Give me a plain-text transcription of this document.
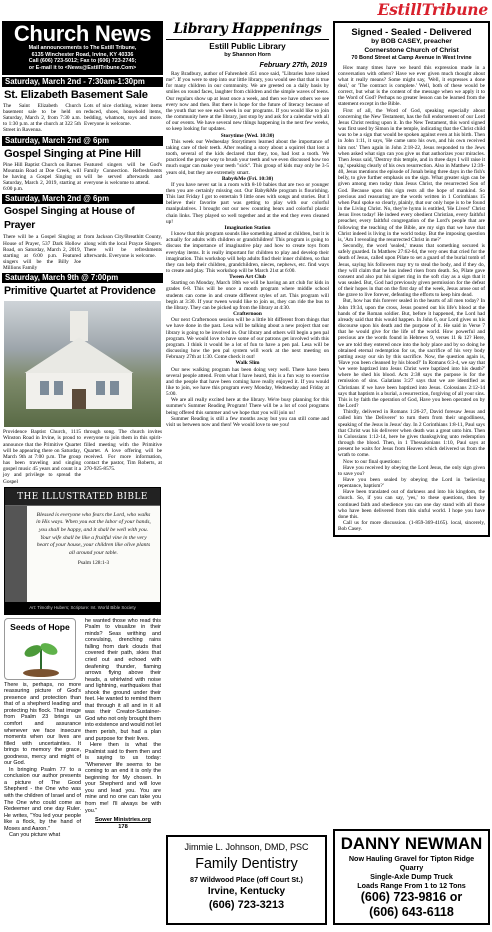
EstillTribune
Church News
Mail announcements to The Estill Tribune,
6135 Winchester Road, Irvine, KY 40336
Call (606) 723-5012; Fax to (606) 723-2745;
or E-mail it to <News@EstillTribune.Com>
Saturday, March 2nd - 7:30am-1:30pm
St. Elizabeth Basement Sale
The Saint Elizabeth Church basement sale to be held on Saturday, March 2, from 7:30 a.m. to 1:30 p.m. at the church at 322 5th Street in Ravenna.
Lots of nice clothing, winter items reduced, shoes, household items, bedding, whatnots, toys and more. Everyone is welcome.
Saturday, March 2nd @ 6pm
Gospel Singing at Pine Hill
Pine Hill Baptist Church on Barnes Mountain Road at Doe Creek, will be having a Gospel Singing on Saturday, March 2, 2019, starting at 6:00 p.m.
Featured singers will be God's Family Connection. Refreshments will be served afterwards and everyone is welcome to attend.
Saturday, March 2nd @ 6pm
Gospel Singing at House of Prayer
There will be a Gospel Singing at House of Prayer, 537 Dark Hollow Road, on Saturday, March 2, 2019, starting at 6:00 p.m. Featured singers will be the Billy Joe Millions Family
from Jackson City/Breathitt County, along with the local Prayze Singers. There will be refreshments afterwards. Everyone is welcome.
Saturday, March 9th @ 7:00pm
Primitive Quartet at Providence
Providence Baptist Church, 1115 Winston Road in Irvine, is proud to announce that the Primitive Quartet will be appearing there on Saturday, March 9th at 7:00 p.m. The group has been traveling and singing gospel music 45 years and count it a joy and privilege to spread the Gospel
through song. The church invites everyone to join them in this spirit-filled meeting with the Primitive Quartet. A love offering will be received. For more information, contact the pastor, Tim Roberts, at 270-925-8575.
THE ILLUSTRATED BIBLE
Blessed is everyone who fears the Lord, who walks in His ways. When you eat the labor of your hands, you shall be happy, and it shall be well with you. Your wife shall be like a fruitful vine in the very heart of your house, your children like olive plants all around your table.
Psalm 128:1-3
Art: Timothy Hubers; Scripture: Int. World Bible Society
Seeds of Hope
There is, perhaps, no more reassuring picture of God's presence and protection than that of a shepherd leading and protecting his flock. That image from Psalm 23 brings us comfort and assurance whenever we face insecure moments when our lives are filled with uncertainties. It brings to memory the grace, goodness, mercy and might of our God.
In bringing Psalm 77 to a conclusion our author presents a picture of The Good Shepherd - the One who was with the children of Israel and of The One who could come as Redeemer and one day Ruler. He writes, "You led your people like a flock, by the hand of Moses and Aaron."
Can you picture what
he wanted those who read this Psalm to visualize in their minds? Seas writhing and convulsing, drenching rains falling from dark clouds that covered their path, skies that cried out and echoed with deafening thunder, flaming arrows flying above their heads, a whirlwind with noise and lightning, earthquakes that shook the ground under their feet. He wanted to remind them that through it all and in it all was their Creator-Sustainer-God who not only brought them into existence and would not let them perish, but had a plan and purpose for their lives.
Here then is what the Psalmist said to them then and is saying to us today: "Whenever life seems to be coming to an end it is only the beginning for My chosen. In your Shepherd and will love you and lead you. You are mine and no one can take you from me! I'll always be with you."
Sower Ministries.org
178
Library Happenings
Estill Public Library
by Shannon Horn
February 27th, 2019

Ray Bradbury, author of Fahrenheit 451 once said, "Libraries have raised me". If you were to step into our little library, you would see that that is true for many children in our community. We are greeted on a daily basis by smiles on round faces, laughter from children and the simple waves of teens. Our regulars show up at least once a week, and then we have others we see every now and then. But there is hope for the future of literacy because of the youth that we see each week in our programs. If you would like to join the community here at the library, just stop by and ask for a calendar with all of our events. We have several new things happening in the next few weeks, so keep looking for updates.

Storytime (Wed. 10:30)

This week our Wednesday Storytimers learned about the importance of taking care of their teeth. After reading a story about a squirrel that lost a tooth, several of the kids declared that they, too, had lost a tooth. We practiced the proper way to brush your teeth and we even discussed how too much sugar can make your teeth "sick". This group of kids may only be 3-5 years old, but they are extremely smart.

Baby&Me (Fri. 10:30)

If you have never sat in a room with 8-10 babies that are two or younger then you are certainly missing out. Our Baby&Me program is flourishing. This last Friday I got to entertain 9 little ones with songs and stories. But I believe their favorite part was getting to play with our colorful manipulatives. I brought out our new counting bears and colorful plastic chain links. They played so well together and at the end they even cleaned up!

Imagination Station

I know that this program sounds like something aimed at children, but it is actually for adults with children or grandchildren! This program is going to discuss the importance of imaginative play and how to create toys from everyday items. It is really important for children to play and develop their imagination. This workshop will help adults find their inner children, so that they can help their children, grandchildren, nieces, nephews, etc. find ways to create and play. This workshop will be March 21st at 6:00.

Tween Art Club

Starting on Monday, March 18th we will be having an art club for kids in grades 6-8. This will be once a month program where middle school students can come in and create different styles of art. This program will begin at 3:30. If your tween would like to join us, they can ride the bus to the library. They can be picked up from the library at 4:30.

Crafternoon

Our next Crafternoon session will be a little bit different from things that we have done in the past. Lesa will be talking about a new project that our library is going to be involved in. Our library and others will begin a pen pal program. We would love to have some of our patrons get involved with this program. I think it would be a lot of fun to have a pen pal. Lesa will be discussing how the pen pal system will work at the next meeting on February 27th at 1:30. Come check it out!

Walk Slim

Our new walking program has been doing very well. There have been several people attend. From what I have heard, this is a fun way to exercise and the people that have been coming have really enjoyed it. If you would like to join, we have this program every Monday, Wednesday and Friday at 5:00.

We are all really excited here at the library. We're busy planning for this summer's Summer Reading Program! There will be a lot of cool programs being offered this summer and we hope that you will join us!

Summer Reading is still a few months away but you can still come and visit us between now and then! We would love to see you!

Jimmie L. Johnson, DMD, PSC
Family Dentistry
87 Wildwood Place (off Court St.)
Irvine, Kentucky
(606) 723-3213
Signed - Sealed - Delivered
by BOB CASEY, preacher
Cornerstone Church of Christ
70 Bond Street at Camp Avenue in West Irvine

How many times have we heard this expression made in a conversation with others? Have we ever given much thought about what it really means? Some might say, 'Well, it expresses a done deal,' or 'The contract is complete.' Well, both of these would be correct, but what is the content of the message when we apply it to the Word of God? Perhaps no greater lesson can be learned from the statement except in the Bible.

First of all, the Word of God, speaking especially about concerning the New Testament, has the full endorsement of our Lord Jesus Christ resting upon it. In the New Testament, this word signed was first used by Simon in the temple, indicating that the Christ child was to be a sign that would be spoken against even at his birth. Then in John 1:11, it says, 'He came unto his own, and his own received him not.' Then again in John 2:18-22, Jesus responded to the Jews when asked what sign can you give us that authorizes your miracles. Then Jesus said, 'Destroy this temple, and in three days I will raise it up,' speaking clearly of his own resurrection. Also in Matthew 12:39-40, Jesus mentions the episode of Jonah being three days in the fish's belly, to give further emphasis on the sign. What greater sign can be given among men today than Jesus Christ, the resurrected Son of God. Because upon this sign rests all the hope of mankind. So precious and reassuring are the words written in 1 Corinthians 15 when Paul spoke so clearly, plainly, that our only hope is to be found in the Living Christ. No, they're hymn is entitled, 'He Lives!' Christ Jesus lives today! He indeed every obedient Christian, every faithful preacher, every faithful congregation of the Lord's people that are following the teaching of the Bible, are my sign that we have that Christ indeed is living in the world today. But the imposing question is, 'Am I revealing the resurrected Christ in me?'

Secondly, the word 'sealed,' means that something secured is safely guarded. In Matthew 27:62-64, the very ones that cried for the death of Jesus, called upon Pilate to set a guard of the burial tomb of Jesus, saying his followers may try to steal the body, and if they do, they will claim that he has indeed risen from death. So, Pilate gave consent and also put his signet ring in the soft clay as a sign that it was sealed. But, God had previously given permission for the defeat of their hopes in that on the first day of the week, Jesus arose out of the grave to live forever, defeating the efforts to keep him dead.

But, how has this forever sealed in the hearts of all men today? In John 19:34, upon the cross, Jesus poured out his life's blood at the hands of the Roman soldier. But, before it happened, the Lord had already said that this would happen. In John 6, our Lord gives us his discourse upon his death and the purpose of it. He said in Verse 7 that he would give for the life of the world. How powerful and precious are the words found in Hebrews 9, verses 11 & 12? Here, we are told they entered once into the holy place and by so doing he obtained eternal redemption for us, the sacrifice of his very body putting away our sin by this sacrifice. Now, the question again is, 'Have you been cleansed by his blood?' In Romans 6:3-4, we say that 'we were baptized into Jesus Christ were baptized into his death?' where he shed his blood. Acts 2:38 says the purpose is for the remission of sins. Galatians 3:27 says that we are identified as Christians if we have been baptized into Jesus. Colossians 2:12-14 says that baptism is a burial, a resurrection, forgiving of all your sins. This is by faith the operation of God, Have you been operated on by the Lord?

Thirdly, delivered in Romans 1:26-27, David foresaw Jesus and called him 'the Deliverer' to turn them from their ungodliness, speaking of the Jesus in Jesus' day. In 2 Corinthians 1:8-11, Paul says that Christ was his deliverer when death was a great unto him. Then in Colossians 1:12-14, here he gives thanksgiving unto redemption through the blood. Then, in 1 Thessalonians 1:10, Paul says at present he waits for Jesus from Heaven which delivered us from the wrath to come.

Now to our final questions:

Have you received by obeying the Lord Jesus, the only sign given to save you?

Have you been sealed by obeying the Lord in 'believing repentance, baptism?'

Have been translated out of darkness and into his kingdom, the church. So, if you can say, 'yes,' to these questions, then by continued faith and obedience you can one day stand with all those who have been delivered from this sinful world. I hope you have done this.

Call us for more discussion. (1-859-369-4165). local, sincerely, Bob Casey.

DANNY NEWMAN
Now Hauling Gravel for Tipton Ridge Quarry
Single-Axle Dump Truck
Loads Range From 1 to 12 Tons
(606) 723-9816 or
(606) 643-6118
